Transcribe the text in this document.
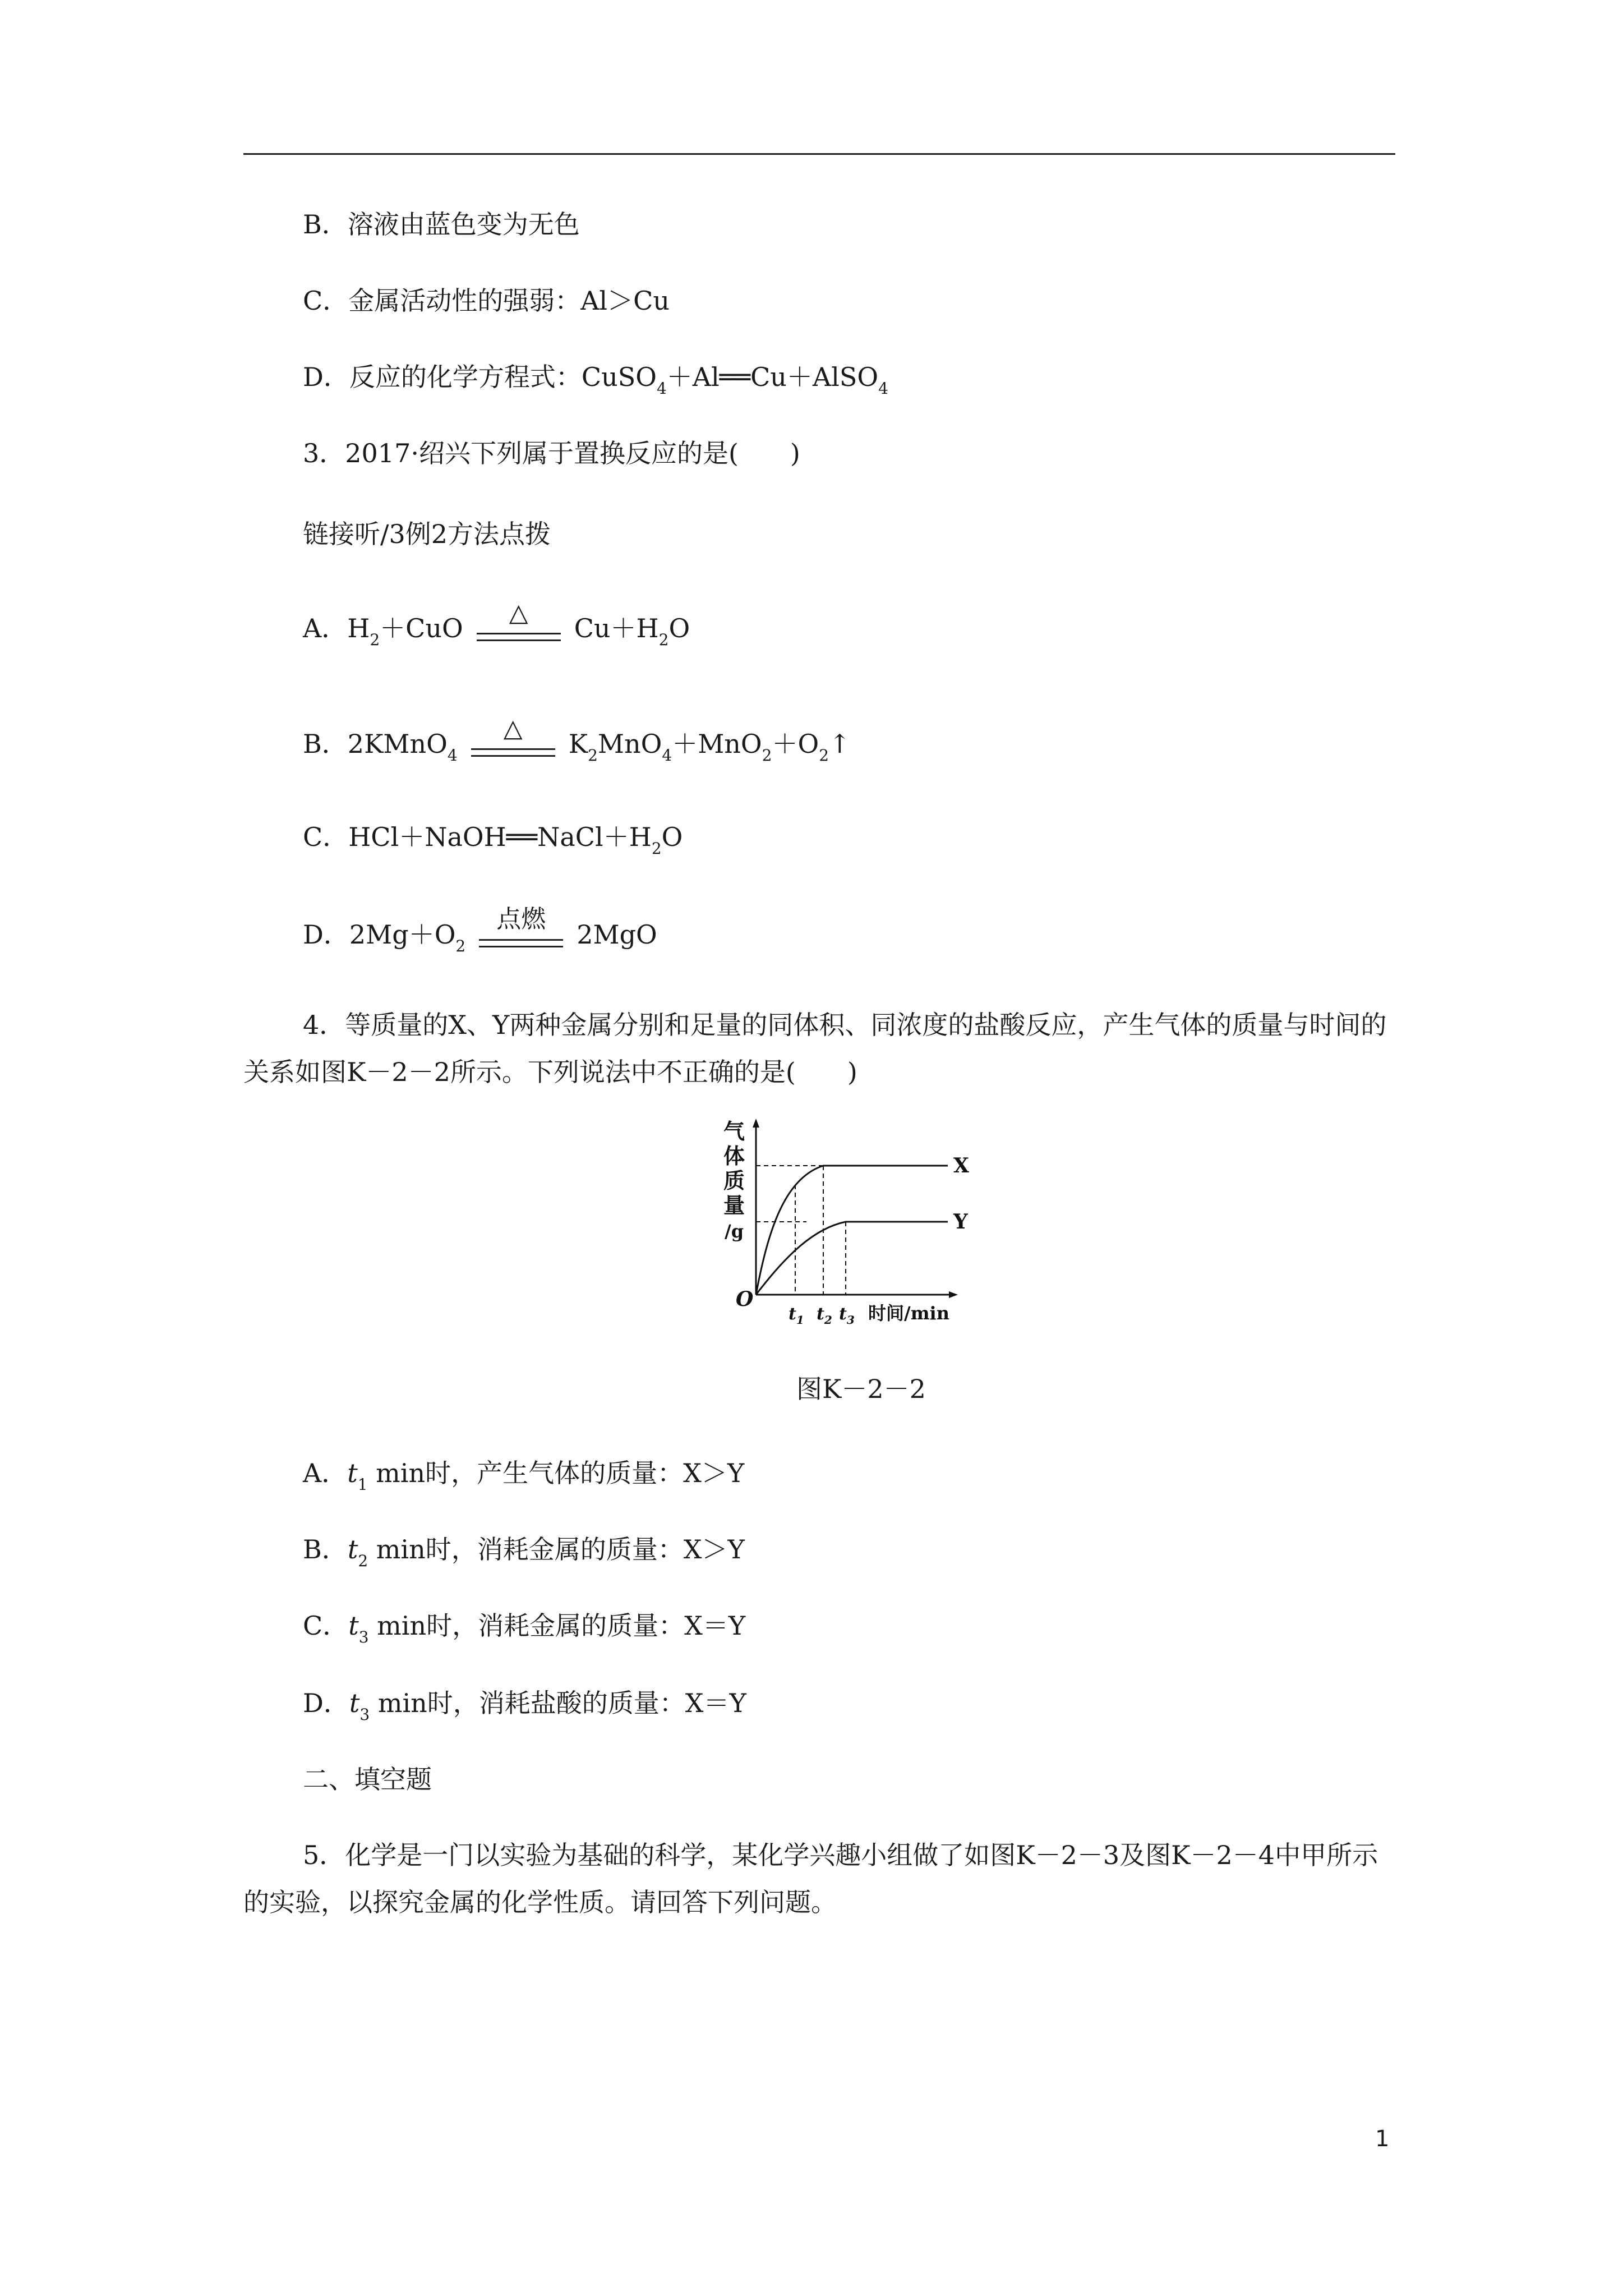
B．溶液由蓝色变为无色
C．金属活动性的强弱：Al＞Cu
D．反应的化学方程式：CuSO$_4$＋Al══Cu＋AlSO$_4$
3．2017·绍兴下列属于置换反应的是(　　)
链接听/3例2方法点拨
A．$H_2+CuO$
△
$Cu+H_2O$
B．2KMnO$_4$
△
$K_2MnO_4+MnO_2+O_2↑$
C．$HCl+NaOH══NaCl+H_2O$
D．$2Mg+O_2$
点燃
2MgO
4．等质量的X、Y两种金属分别和足量的同体积、同浓度的盐酸反应，产生气体的质量与时间的关系如图K－2－2所示。下列说法中不正确的是(　　)
气
体
质
量
/g
X
Y
O
$t_1$ $t_2$ $t_3$ 时间/min
图K－2－2
A．$t_1$ min时，产生气体的质量：X＞Y
B．$t_2$ min时，消耗金属的质量：X＞Y
C．$t_3$ min时，消耗金属的质量：X＝Y
D．$t_3$ min时，消耗盐酸的质量：X＝Y
二、填空题
5．化学是一门以实验为基础的科学，某化学兴趣小组做了如图K－2－3及图K－2－4中甲所示的实验，以探究金属的化学性质。请回答下列问题。
1
